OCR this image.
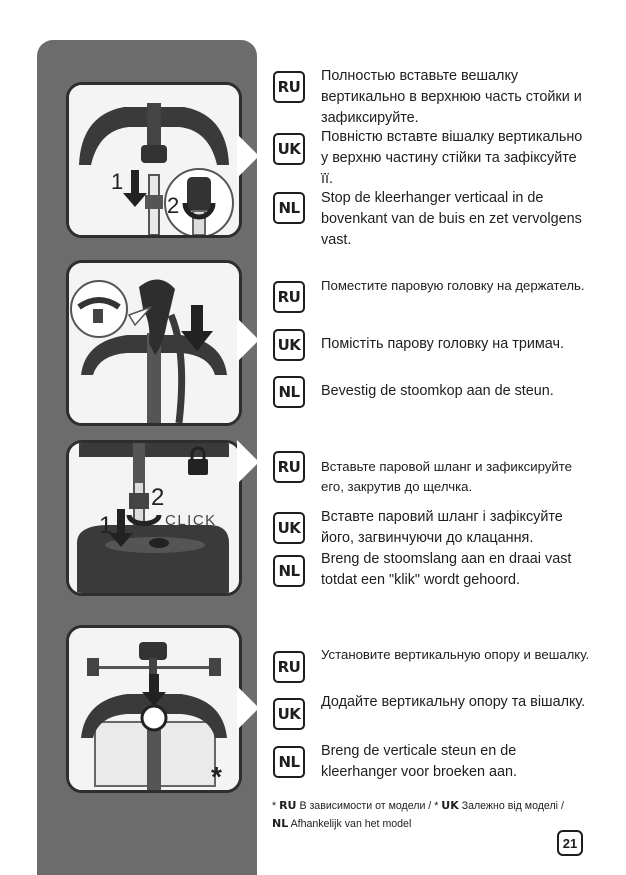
1
2
1
2
CLICK
*
RU
Полностью вставьте вешалку вертикально в верхнюю часть стойки и зафиксируйте.
UK
Повністю вставте вішалку вертикально у верхню частину стійки та зафіксуйте її.
NL
Stop de kleerhanger verticaal in de bovenkant van de buis en zet vervolgens vast.
RU
Поместите паровую головку на держатель.
UK	Помістіть парову головку на тримач.
NL	Bevestig de stoomkop aan de steun.
RU	Вставьте паровой шланг и зафиксируйте его, закрутив до щелчка.
UK
Вставте паровий шланг і зафіксуйте його, загвинчуючи до клацання.
NL
Breng de stoomslang aan en draai vast totdat een "klik" wordt gehoord.
RU
Установите вертикальную опору и вешалку.
UK
Додайте вертикальну опору та вішалку.
NL
Breng de verticale steun en de kleerhanger voor broeken aan.
* RU В зависимости от модели / * UK Залежно від моделі /
NL Afhankelijk van het model
21
